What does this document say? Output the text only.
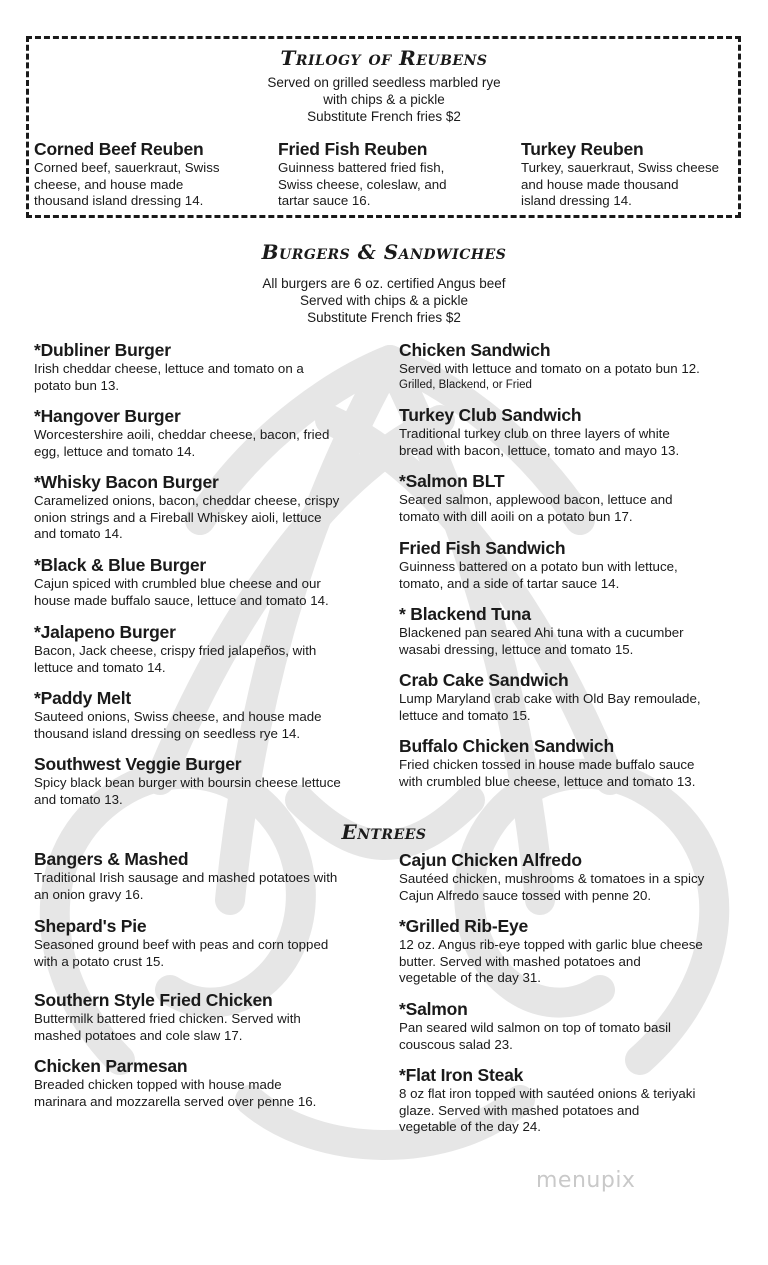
Trilogy of Reubens
Served on grilled seedless marbled rye
with chips & a pickle
Substitute French fries $2
Corned Beef Reuben
Corned beef, sauerkraut, Swiss
cheese, and house made
thousand island dressing 14.
Fried Fish Reuben
Guinness battered fried fish,
Swiss cheese, coleslaw, and
tartar sauce 16.
Turkey Reuben
Turkey, sauerkraut, Swiss cheese
and house made thousand
island dressing 14.
Burgers & Sandwiches
All burgers are 6 oz. certified Angus beef
Served with chips & a pickle
Substitute French fries $2
*Dubliner Burger
Irish cheddar cheese, lettuce and tomato on a
potato bun 13.
*Hangover Burger
Worcestershire aoili, cheddar cheese, bacon, fried
egg, lettuce and tomato 14.
*Whisky Bacon Burger
Caramelized onions, bacon, cheddar cheese, crispy
onion strings and a Fireball Whiskey aioli, lettuce
and tomato 14.
*Black & Blue Burger
Cajun spiced with crumbled blue cheese and our
house made buffalo sauce, lettuce and tomato 14.
*Jalapeno Burger
Bacon, Jack cheese, crispy fried jalapeños, with
lettuce and tomato 14.
*Paddy Melt
Sauteed onions, Swiss cheese, and house made
thousand island dressing on seedless rye 14.
Southwest Veggie Burger
Spicy black bean burger with boursin cheese lettuce
and tomato 13.
Chicken Sandwich
Served with lettuce and tomato on a potato bun 12.
Grilled, Blackend, or Fried
Turkey Club Sandwich
Traditional turkey club on three layers of white
bread with bacon, lettuce, tomato and mayo 13.
*Salmon BLT
Seared salmon, applewood bacon, lettuce and
tomato with dill aoili on a potato bun 17.
Fried Fish Sandwich
Guinness battered on a potato bun with lettuce,
tomato, and a side of tartar sauce 14.
* Blackend Tuna
Blackened pan seared Ahi tuna with a cucumber
wasabi dressing, lettuce and tomato 15.
Crab Cake Sandwich
Lump Maryland crab cake with Old Bay remoulade,
lettuce and tomato 15.
Buffalo Chicken Sandwich
Fried chicken tossed in house made buffalo sauce
with crumbled blue cheese, lettuce and tomato 13.
Entrees
Bangers & Mashed
Traditional Irish sausage and mashed potatoes with
an onion gravy 16.
Shepard's Pie
Seasoned ground beef with peas and corn topped
with a potato crust 15.
Southern Style Fried Chicken
Buttermilk battered fried chicken. Served with
mashed potatoes and cole slaw 17.
Chicken Parmesan
Breaded chicken topped with house made
marinara and mozzarella served over penne 16.
Cajun Chicken Alfredo
Sautéed chicken, mushrooms & tomatoes in a spicy
Cajun Alfredo sauce tossed with penne 20.
*Grilled Rib-Eye
12 oz. Angus rib-eye topped with garlic blue cheese
butter. Served with mashed potatoes and
vegetable of the day 31.
*Salmon
Pan seared wild salmon on top of tomato basil
couscous salad 23.
*Flat Iron Steak
8 oz flat iron topped with sautéed onions & teriyaki
glaze. Served with mashed potatoes and
vegetable of the day 24.
menupix
